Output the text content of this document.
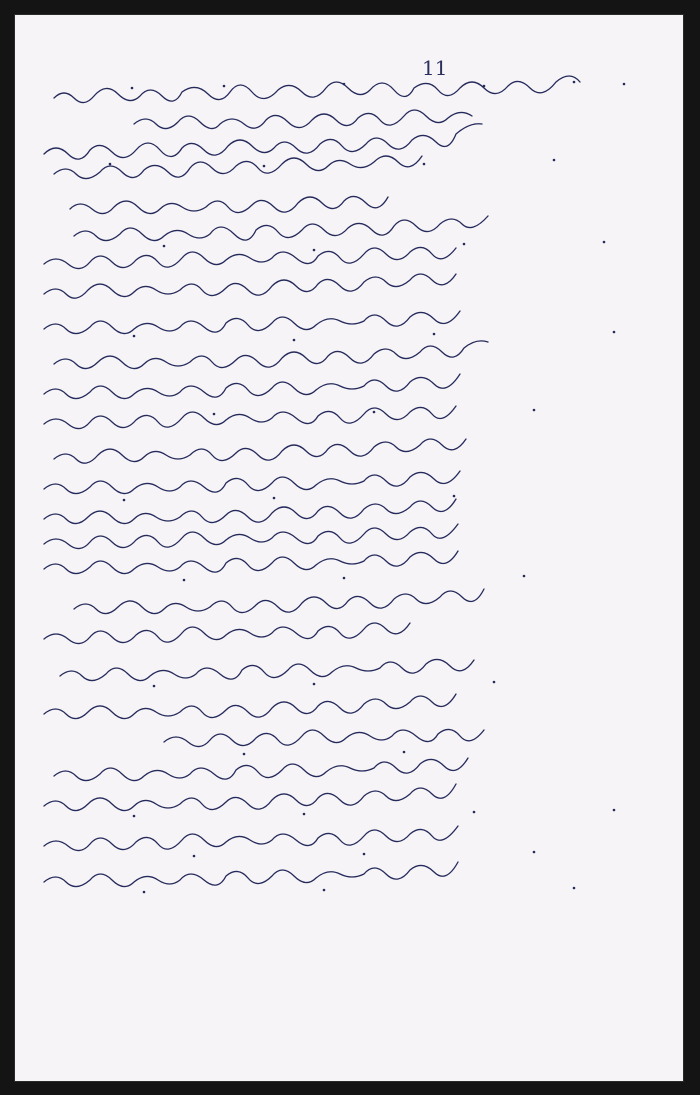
11
